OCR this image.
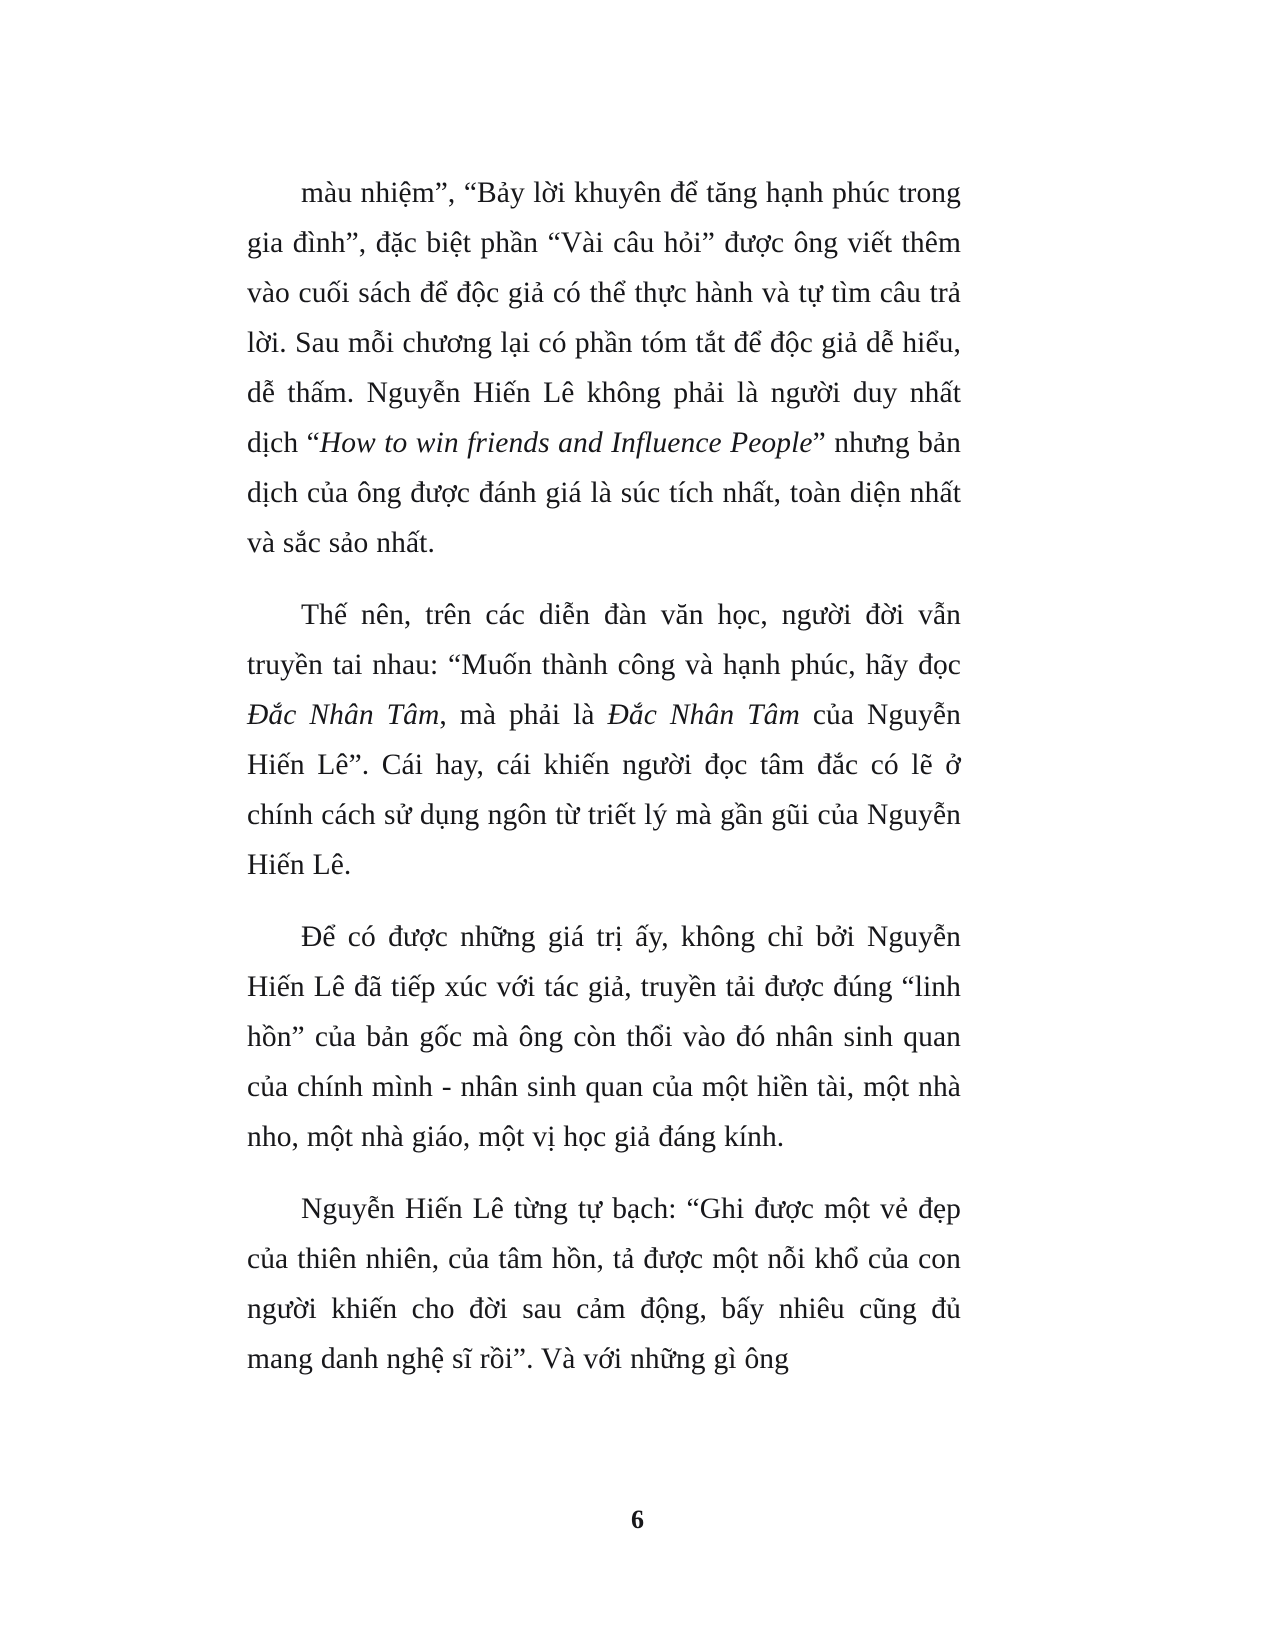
màu nhiệm”, “Bảy lời khuyên để tăng hạnh phúc trong gia đình”, đặc biệt phần “Vài câu hỏi” được ông viết thêm vào cuối sách để độc giả có thể thực hành và tự tìm câu trả lời. Sau mỗi chương lại có phần tóm tắt để độc giả dễ hiểu, dễ thấm. Nguyễn Hiến Lê không phải là người duy nhất dịch “How to win friends and Influence People” nhưng bản dịch của ông được đánh giá là súc tích nhất, toàn diện nhất và sắc sảo nhất.

Thế nên, trên các diễn đàn văn học, người đời vẫn truyền tai nhau: “Muốn thành công và hạnh phúc, hãy đọc Đắc Nhân Tâm, mà phải là Đắc Nhân Tâm của Nguyễn Hiến Lê”. Cái hay, cái khiến người đọc tâm đắc có lẽ ở chính cách sử dụng ngôn từ triết lý mà gần gũi của Nguyễn Hiến Lê.

Để có được những giá trị ấy, không chỉ bởi Nguyễn Hiến Lê đã tiếp xúc với tác giả, truyền tải được đúng “linh hồn” của bản gốc mà ông còn thổi vào đó nhân sinh quan của chính mình - nhân sinh quan của một hiền tài, một nhà nho, một nhà giáo, một vị học giả đáng kính.

Nguyễn Hiến Lê từng tự bạch: “Ghi được một vẻ đẹp của thiên nhiên, của tâm hồn, tả được một nỗi khổ của con người khiến cho đời sau cảm động, bấy nhiêu cũng đủ mang danh nghệ sĩ rồi”. Và với những gì ông

6
